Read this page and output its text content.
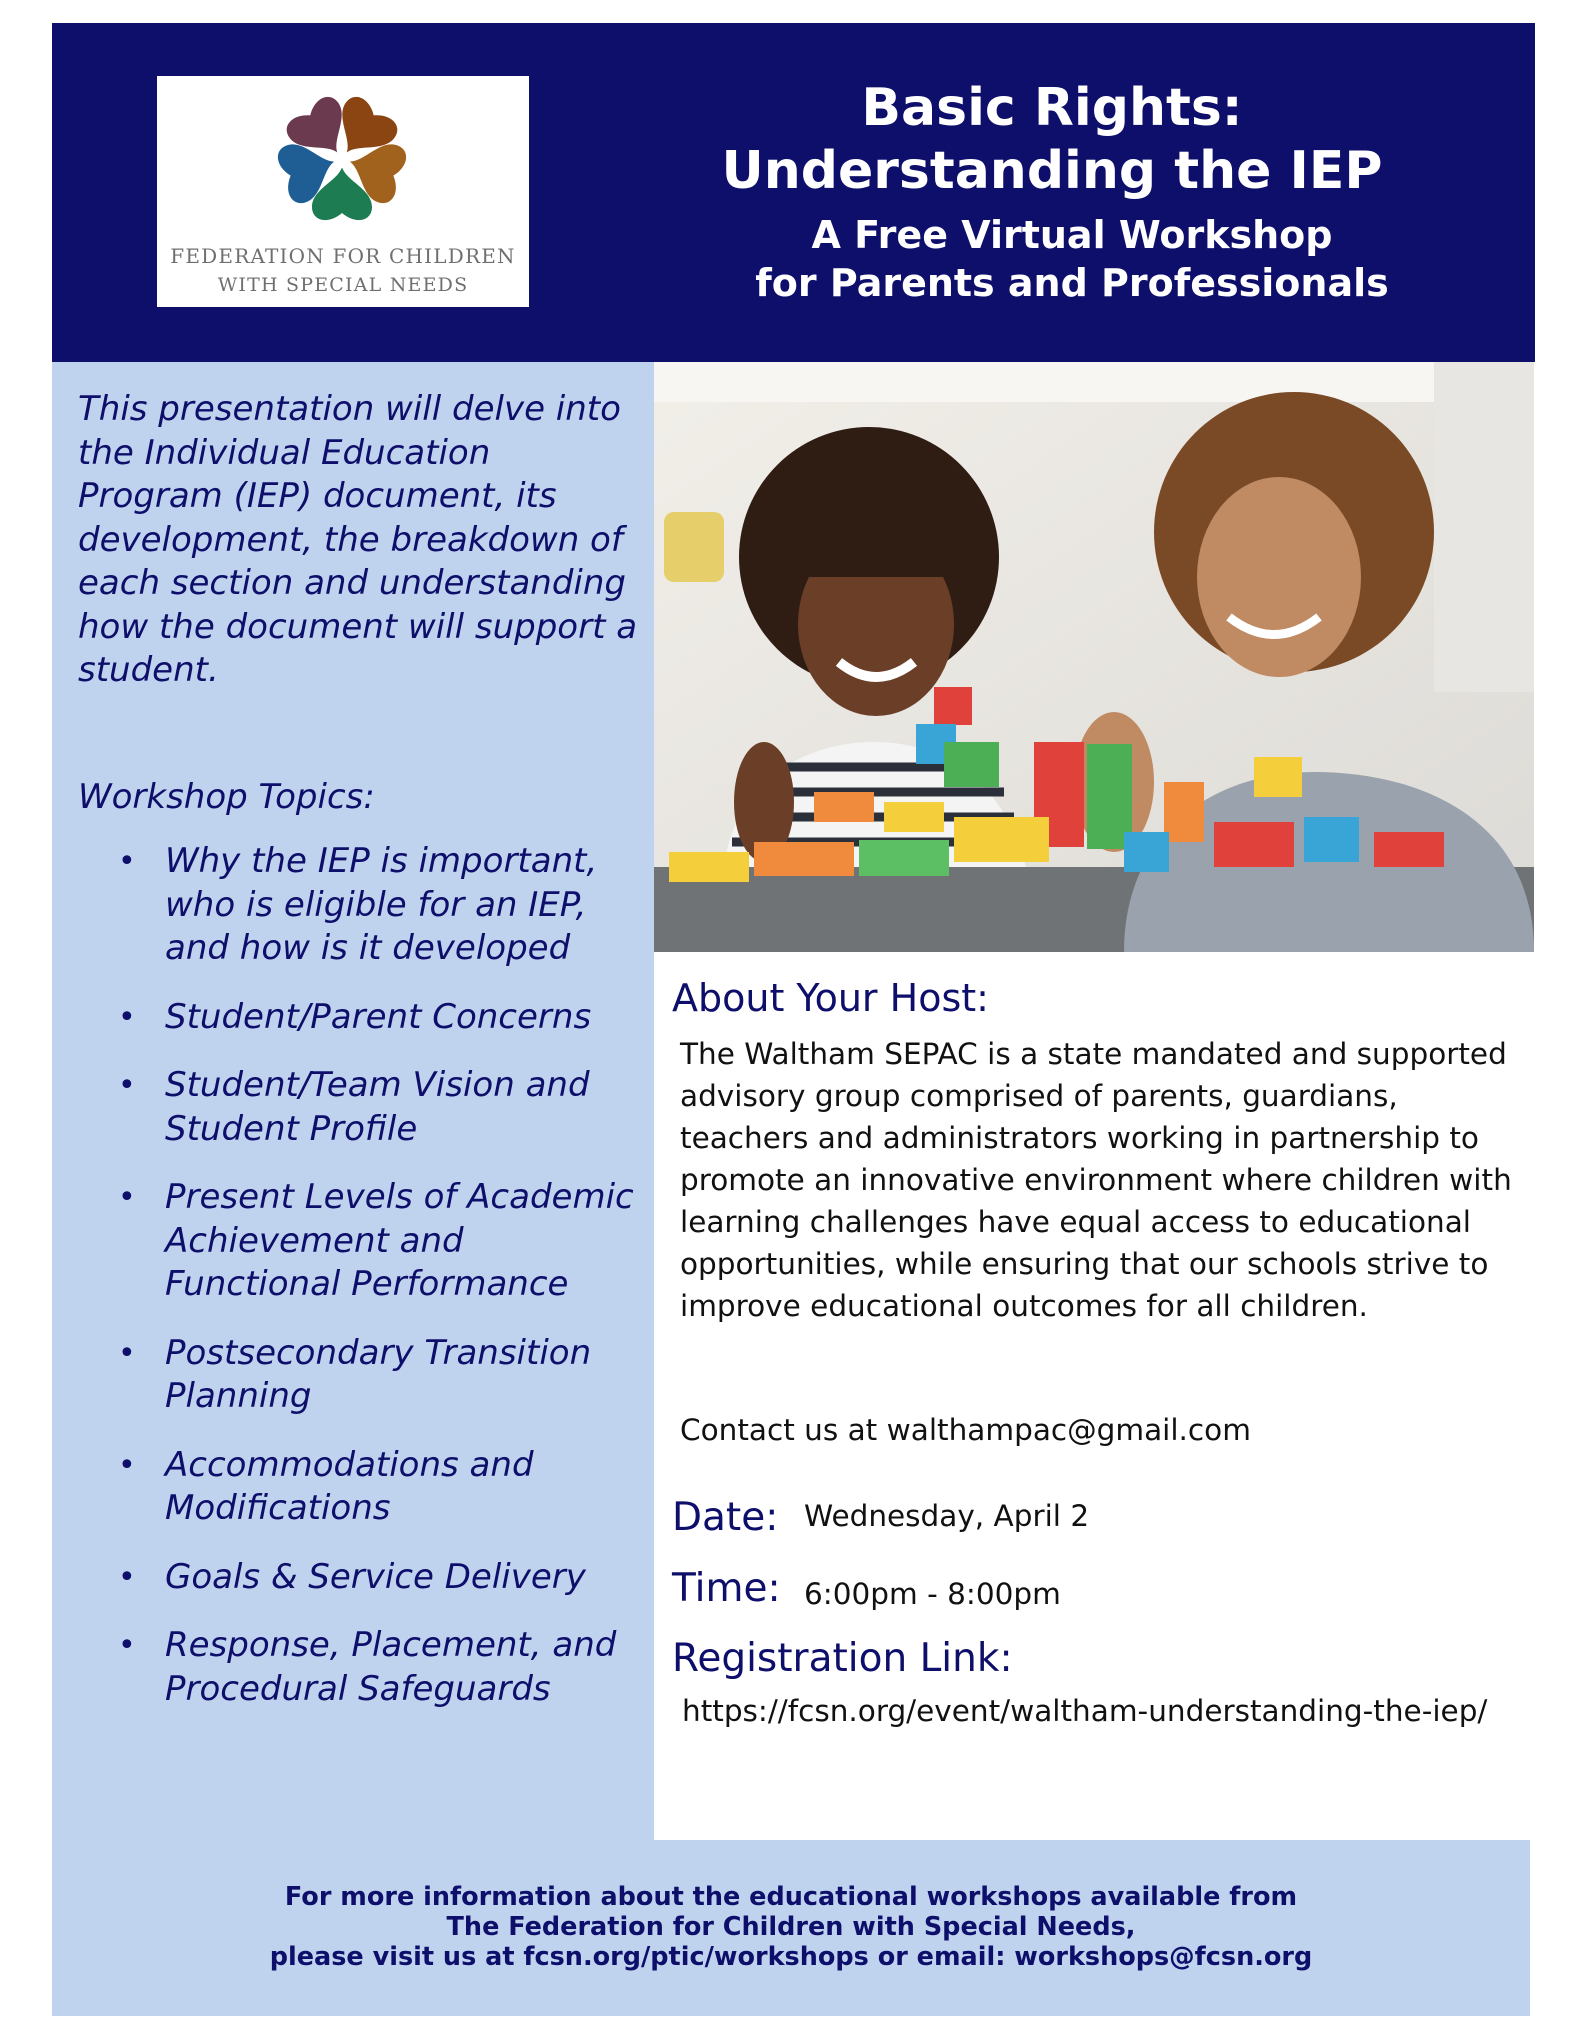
FEDERATION FOR CHILDREN
WITH SPECIAL NEEDS
Basic Rights:
Understanding the IEP
A Free Virtual Workshop
for Parents and Professionals

This presentation will delve into the Individual Education Program (IEP) document, its development, the breakdown of each section and understanding how the document will support a student.

Workshop Topics:

• Why the IEP is important, who is eligible for an IEP, and how is it developed
• Student/Parent Concerns
• Student/Team Vision and Student Profile
• Present Levels of Academic Achievement and Functional Performance
• Postsecondary Transition Planning
• Accommodations and Modifications
• Goals & Service Delivery
• Response, Placement, and Procedural Safeguards
About Your Host:

The Waltham SEPAC is a state mandated and supported advisory group comprised of parents, guardians, teachers and administrators working in partnership to promote an innovative environment where children with learning challenges have equal access to educational opportunities, while ensuring that our schools strive to improve educational outcomes for all children.

Contact us at walthampac@gmail.com

Date: Wednesday, April 2

Time: 6:00pm - 8:00pm

Registration Link:

https://fcsn.org/event/waltham-understanding-the-iep/

For more information about the educational workshops available from
The Federation for Children with Special Needs,
please visit us at fcsn.org/ptic/workshops or email: workshops@fcsn.org
